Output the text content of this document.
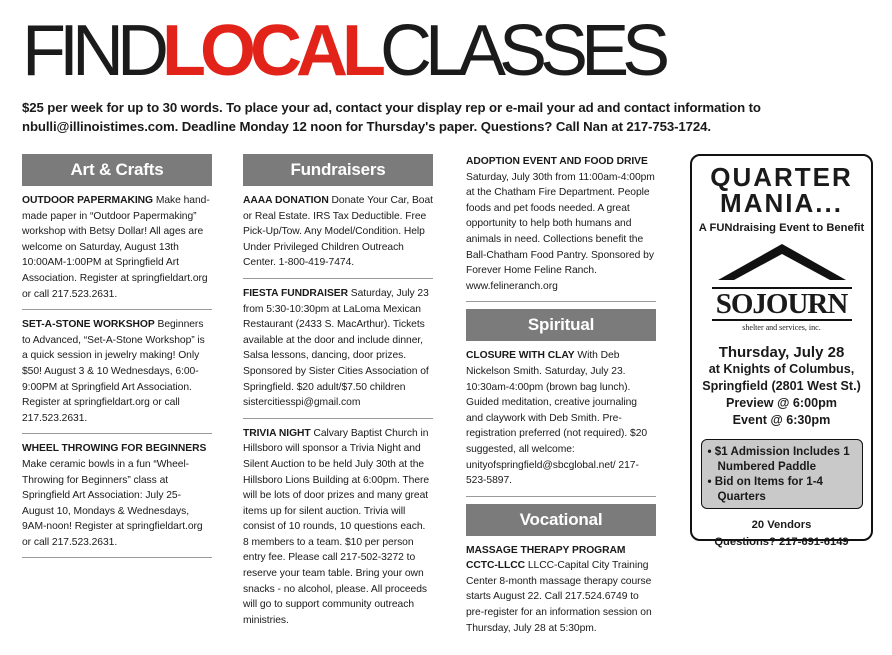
FINDLOCALCLASSES
$25 per week for up to 30 words. To place your ad, contact your display rep or e-mail your ad and contact information to nbulli@illinoistimes.com. Deadline Monday 12 noon for Thursday's paper. Questions? Call Nan at 217-753-1724.
Art & Crafts
OUTDOOR PAPERMAKING Make hand-made paper in “Outdoor Papermaking” workshop with Betsy Dollar! All ages are welcome on Saturday, August 13th 10:00AM-1:00PM at Springfield Art Association. Register at springfieldart.org or call 217.523.2631.
SET-A-STONE WORKSHOP Beginners to Advanced, “Set-A-Stone Workshop” is a quick session in jewelry making! Only $50! August 3 & 10 Wednesdays, 6:00-9:00PM at Springfield Art Association. Register at springfieldart.org or call 217.523.2631.
WHEEL THROWING FOR BEGINNERS Make ceramic bowls in a fun “Wheel-Throwing for Beginners” class at Springfield Art Association: July 25-August 10, Mondays & Wednesdays, 9AM-noon! Register at springfieldart.org or call 217.523.2631.
Fundraisers
AAAA DONATION Donate Your Car, Boat or Real Estate. IRS Tax Deductible. Free Pick-Up/Tow. Any Model/Condition. Help Under Privileged Children Outreach Center. 1-800-419-7474.
FIESTA FUNDRAISER Saturday, July 23 from 5:30-10:30pm at LaLoma Mexican Restaurant (2433 S. MacArthur). Tickets available at the door and include dinner, Salsa lessons, dancing, door prizes. Sponsored by Sister Cities Association of Springfield. $20 adult/$7.50 children sistercitiesspi@gmail.com
TRIVIA NIGHT Calvary Baptist Church in Hillsboro will sponsor a Trivia Night and Silent Auction to be held July 30th at the Hillsboro Lions Building at 6:00pm. There will be lots of door prizes and many great items up for silent auction. Trivia will consist of 10 rounds, 10 questions each. 8 members to a team. $10 per person entry fee. Please call 217-502-3272 to reserve your team table. Bring your own snacks - no alcohol, please. All proceeds will go to support community outreach ministries.
ADOPTION EVENT AND FOOD DRIVE Saturday, July 30th from 11:00am-4:00pm at the Chatham Fire Department. People foods and pet foods needed. A great opportunity to help both humans and animals in need. Collections benefit the Ball-Chatham Food Pantry. Sponsored by Forever Home Feline Ranch. www.felineranch.org
Spiritual
CLOSURE WITH CLAY With Deb Nickelson Smith. Saturday, July 23. 10:30am-4:00pm (brown bag lunch). Guided meditation, creative journaling and claywork with Deb Smith. Pre-registration preferred (not required). $20 suggested, all welcome: unityofspringfield@sbcglobal.net/ 217-523-5897.
Vocational
MASSAGE THERAPY PROGRAM CCTC-LLCC LLCC-Capital City Training Center 8-month massage therapy course starts August 22. Call 217.524.6749 to pre-register for an information session on Thursday, July 28 at 5:30pm.
QUARTER
MANIA...
A FUNdraising Event to Benefit
SOJOURN
shelter and services, inc.
Thursday, July 28
at Knights of Columbus,
Springfield (2801 West St.)
Preview @ 6:00pm
Event @ 6:30pm
• $1 Admission Includes 1 Numbered Paddle
• Bid on Items for 1-4 Quarters
20 Vendors
Questions? 217-691-6149
